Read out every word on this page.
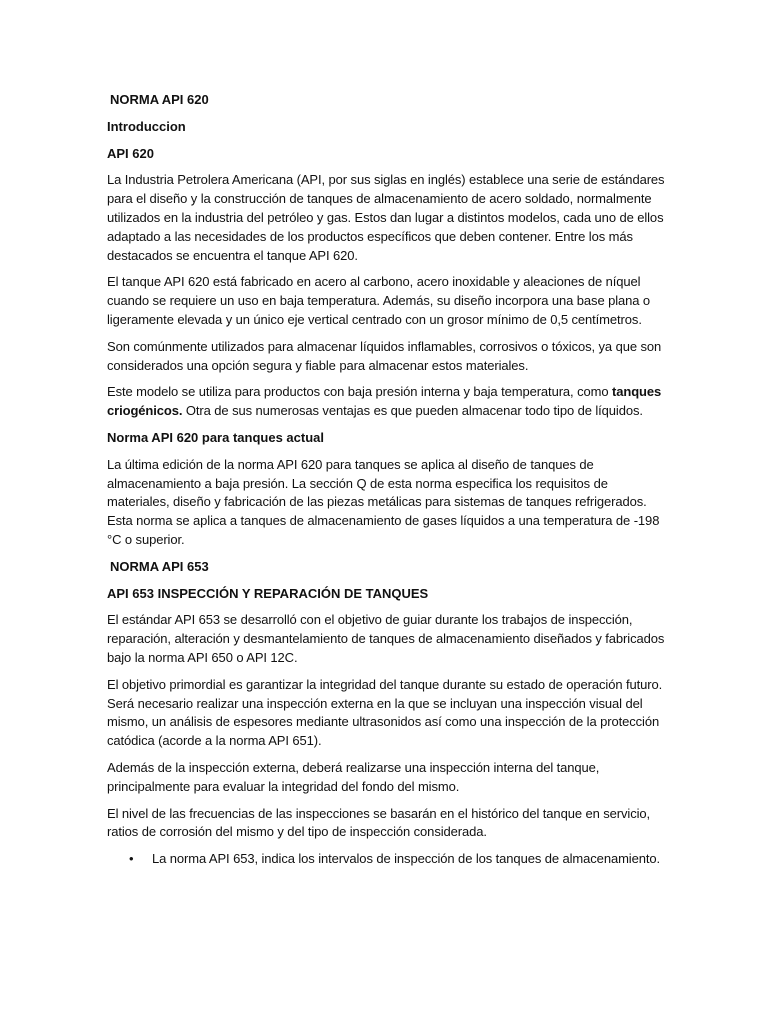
NORMA API 620
Introduccion
API 620
La Industria Petrolera Americana (API, por sus siglas en inglés) establece una serie de estándares para el diseño y la construcción de tanques de almacenamiento de acero soldado, normalmente utilizados en la industria del petróleo y gas. Estos dan lugar a distintos modelos, cada uno de ellos adaptado a las necesidades de los productos específicos que deben contener. Entre los más destacados se encuentra el tanque API 620.
El tanque API 620 está fabricado en acero al carbono, acero inoxidable y aleaciones de níquel cuando se requiere un uso en baja temperatura. Además, su diseño incorpora una base plana o ligeramente elevada y un único eje vertical centrado con un grosor mínimo de 0,5 centímetros.
Son comúnmente utilizados para almacenar líquidos inflamables, corrosivos o tóxicos, ya que son considerados una opción segura y fiable para almacenar estos materiales.
Este modelo se utiliza para productos con baja presión interna y baja temperatura, como tanques criogénicos. Otra de sus numerosas ventajas es que pueden almacenar todo tipo de líquidos.
Norma API 620 para tanques actual
La última edición de la norma API 620 para tanques se aplica al diseño de tanques de almacenamiento a baja presión. La sección Q de esta norma especifica los requisitos de materiales, diseño y fabricación de las piezas metálicas para sistemas de tanques refrigerados. Esta norma se aplica a tanques de almacenamiento de gases líquidos a una temperatura de -198 °C o superior.
NORMA API 653
API 653 INSPECCIÓN Y REPARACIÓN DE TANQUES
El estándar API 653 se desarrolló con el objetivo de guiar durante los trabajos de inspección, reparación, alteración y desmantelamiento de tanques de almacenamiento diseñados y fabricados bajo la norma API 650 o API 12C.
El objetivo primordial es garantizar la integridad del tanque durante su estado de operación futuro. Será necesario realizar una inspección externa en la que se incluyan una inspección visual del mismo, un análisis de espesores mediante ultrasonidos así como una inspección de la protección catódica (acorde a la norma API 651).
Además de la inspección externa, deberá realizarse una inspección interna del tanque, principalmente para evaluar la integridad del fondo del mismo.
El nivel de las frecuencias de las inspecciones se basarán en el histórico del tanque en servicio, ratios de corrosión del mismo y del tipo de inspección considerada.
• La norma API 653, indica los intervalos de inspección de los tanques de almacenamiento.
